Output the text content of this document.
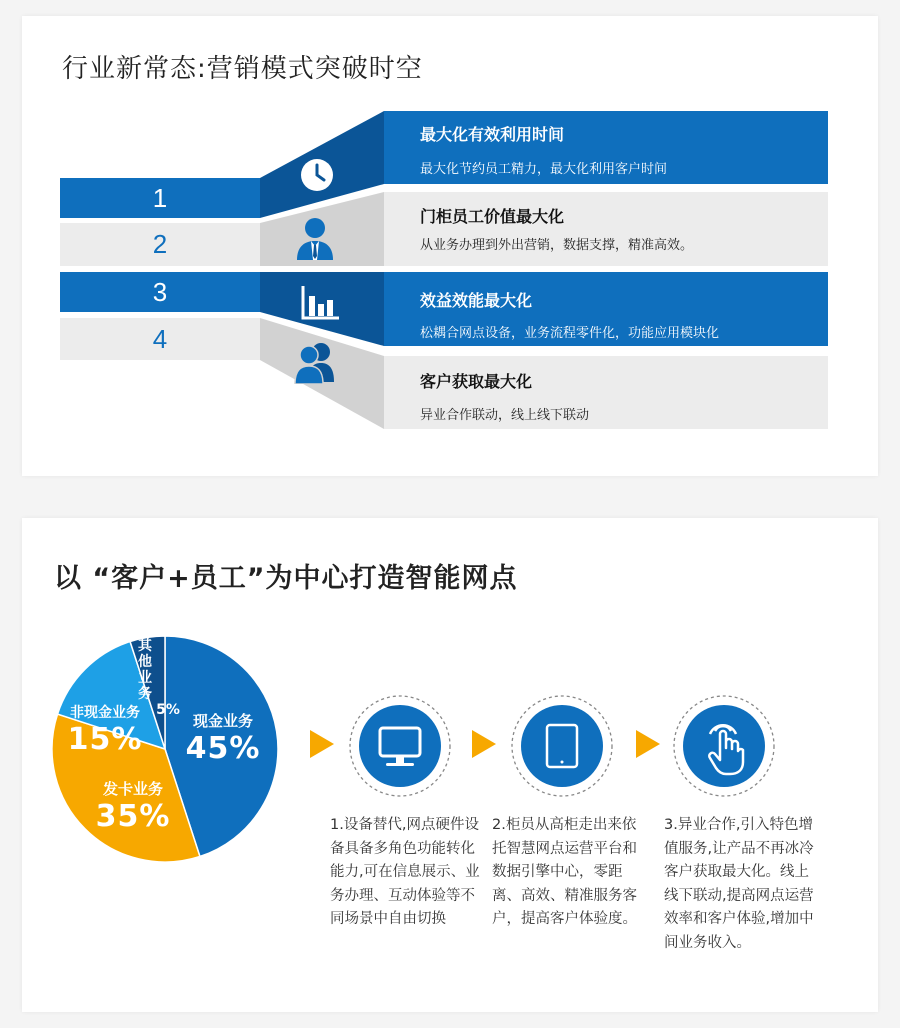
行业新常态:营销模式突破时空
1
2
3
4
最大化有效利用时间
最大化节约员工精力，最大化利用客户时间
门柜员工价值最大化
从业务办理到外出营销，数据支撑，精准高效。
效益效能最大化
松耦合网点设备，业务流程零件化，功能应用模块化
客户获取最大化
异业合作联动，线上线下联动
以 “客户+员工”为中心打造智能网点
现金业务
45%
发卡业务
35%
非现金业务
15%
其他业务
5%
1.设备替代,网点硬件设备具备多角色功能转化能力,可在信息展示、业务办理、互动体验等不同场景中自由切换
2.柜员从高柜走出来依托智慧网点运营平台和数据引擎中心，零距离、高效、精准服务客户，提高客户体验度。
3.异业合作,引入特色增值服务,让产品不再冰冷客户获取最大化。线上线下联动,提高网点运营效率和客户体验,增加中间业务收入。
